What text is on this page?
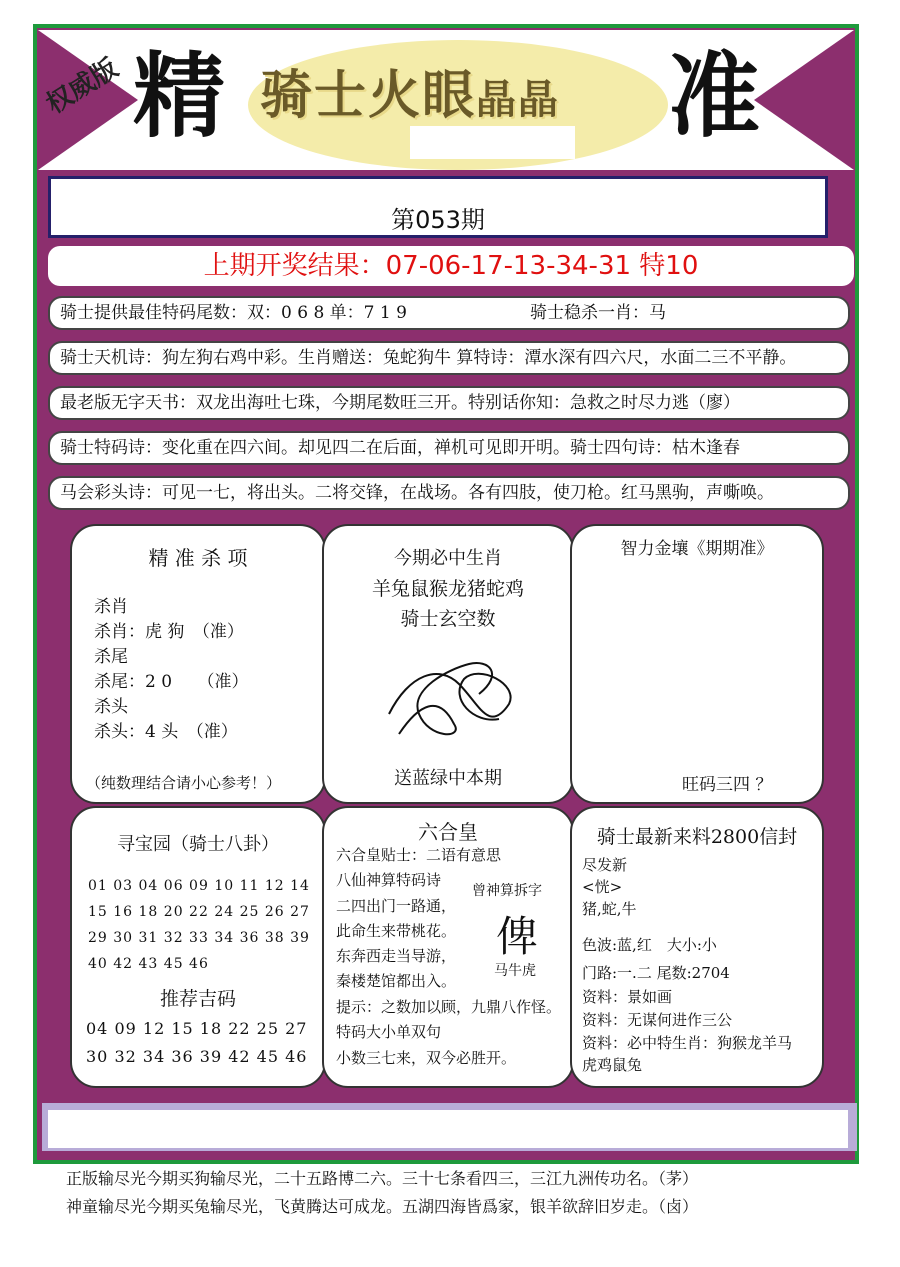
权威版 精 骑士火眼晶晶 准
第053期
上期开奖结果：07-06-17-13-34-31 特10
骑士提供最佳特码尾数：双：0 6 8 单：7 1 9	骑士稳杀一肖：马
骑士天机诗：狗左狗右鸡中彩。生肖赠送：兔蛇狗牛 算特诗：潭水深有四六尺，水面二三不平静。
最老版无字天书：双龙出海吐七珠，今期尾数旺三开。特别话你知：急救之时尽力逃（廖）
骑士特码诗：变化重在四六间。却见四二在后面，禅机可见即开明。骑士四句诗：枯木逢春
马会彩头诗：可见一七，将出头。二将交锋，在战场。各有四肢，使刀枪。红马黑驹，声嘶唤。
精 准 杀 项
杀肖
杀肖：虎 狗　（准）
杀尾
杀尾：2 0　　（准）
杀头
杀头：4 头　（准）
（纯数理结合请小心参考！）
今期必中生肖
羊兔鼠猴龙猪蛇鸡
骑士玄空数
送蓝绿中本期
智力金壤《期期准》
旺码三四 ？
寻宝园（骑士八卦）
01 03 04 06 09 10 11 12 14
15 16 18 20 22 24 25 26 27
29 30 31 32 33 34 36 38 39
40 42 43 45 46
推荐吉码
04 09 12 15 18 22 25 27
30 32 34 36 39 42 45 46
六合皇
六合皇贴士：二语有意思
八仙神算特码诗
二四出门一路通，
此命生来带桃花。
东奔西走当导游，
秦楼楚馆都出入。
提示：之数加以顾，九鼎八作怪。
特码大小单双句
小数三七来，双今必胜开。
曾神算拆字
俾
马牛虎
骑士最新来料2800信封
尽发新
<恍>
猪,蛇,牛
色波:蓝,红　大小:小
门路:一.二 尾数:2704
资料：景如画
资料：无谋何进作三公
资料：必中特生肖：狗猴龙羊马
虎鸡鼠兔
正版输尽光今期买狗输尽光，二十五路博二六。三十七条看四三，三江九洲传功名。（茅）
神童输尽光今期买兔输尽光，飞黄腾达可成龙。五湖四海皆爲家，银羊欲辞旧岁走。（卤）
